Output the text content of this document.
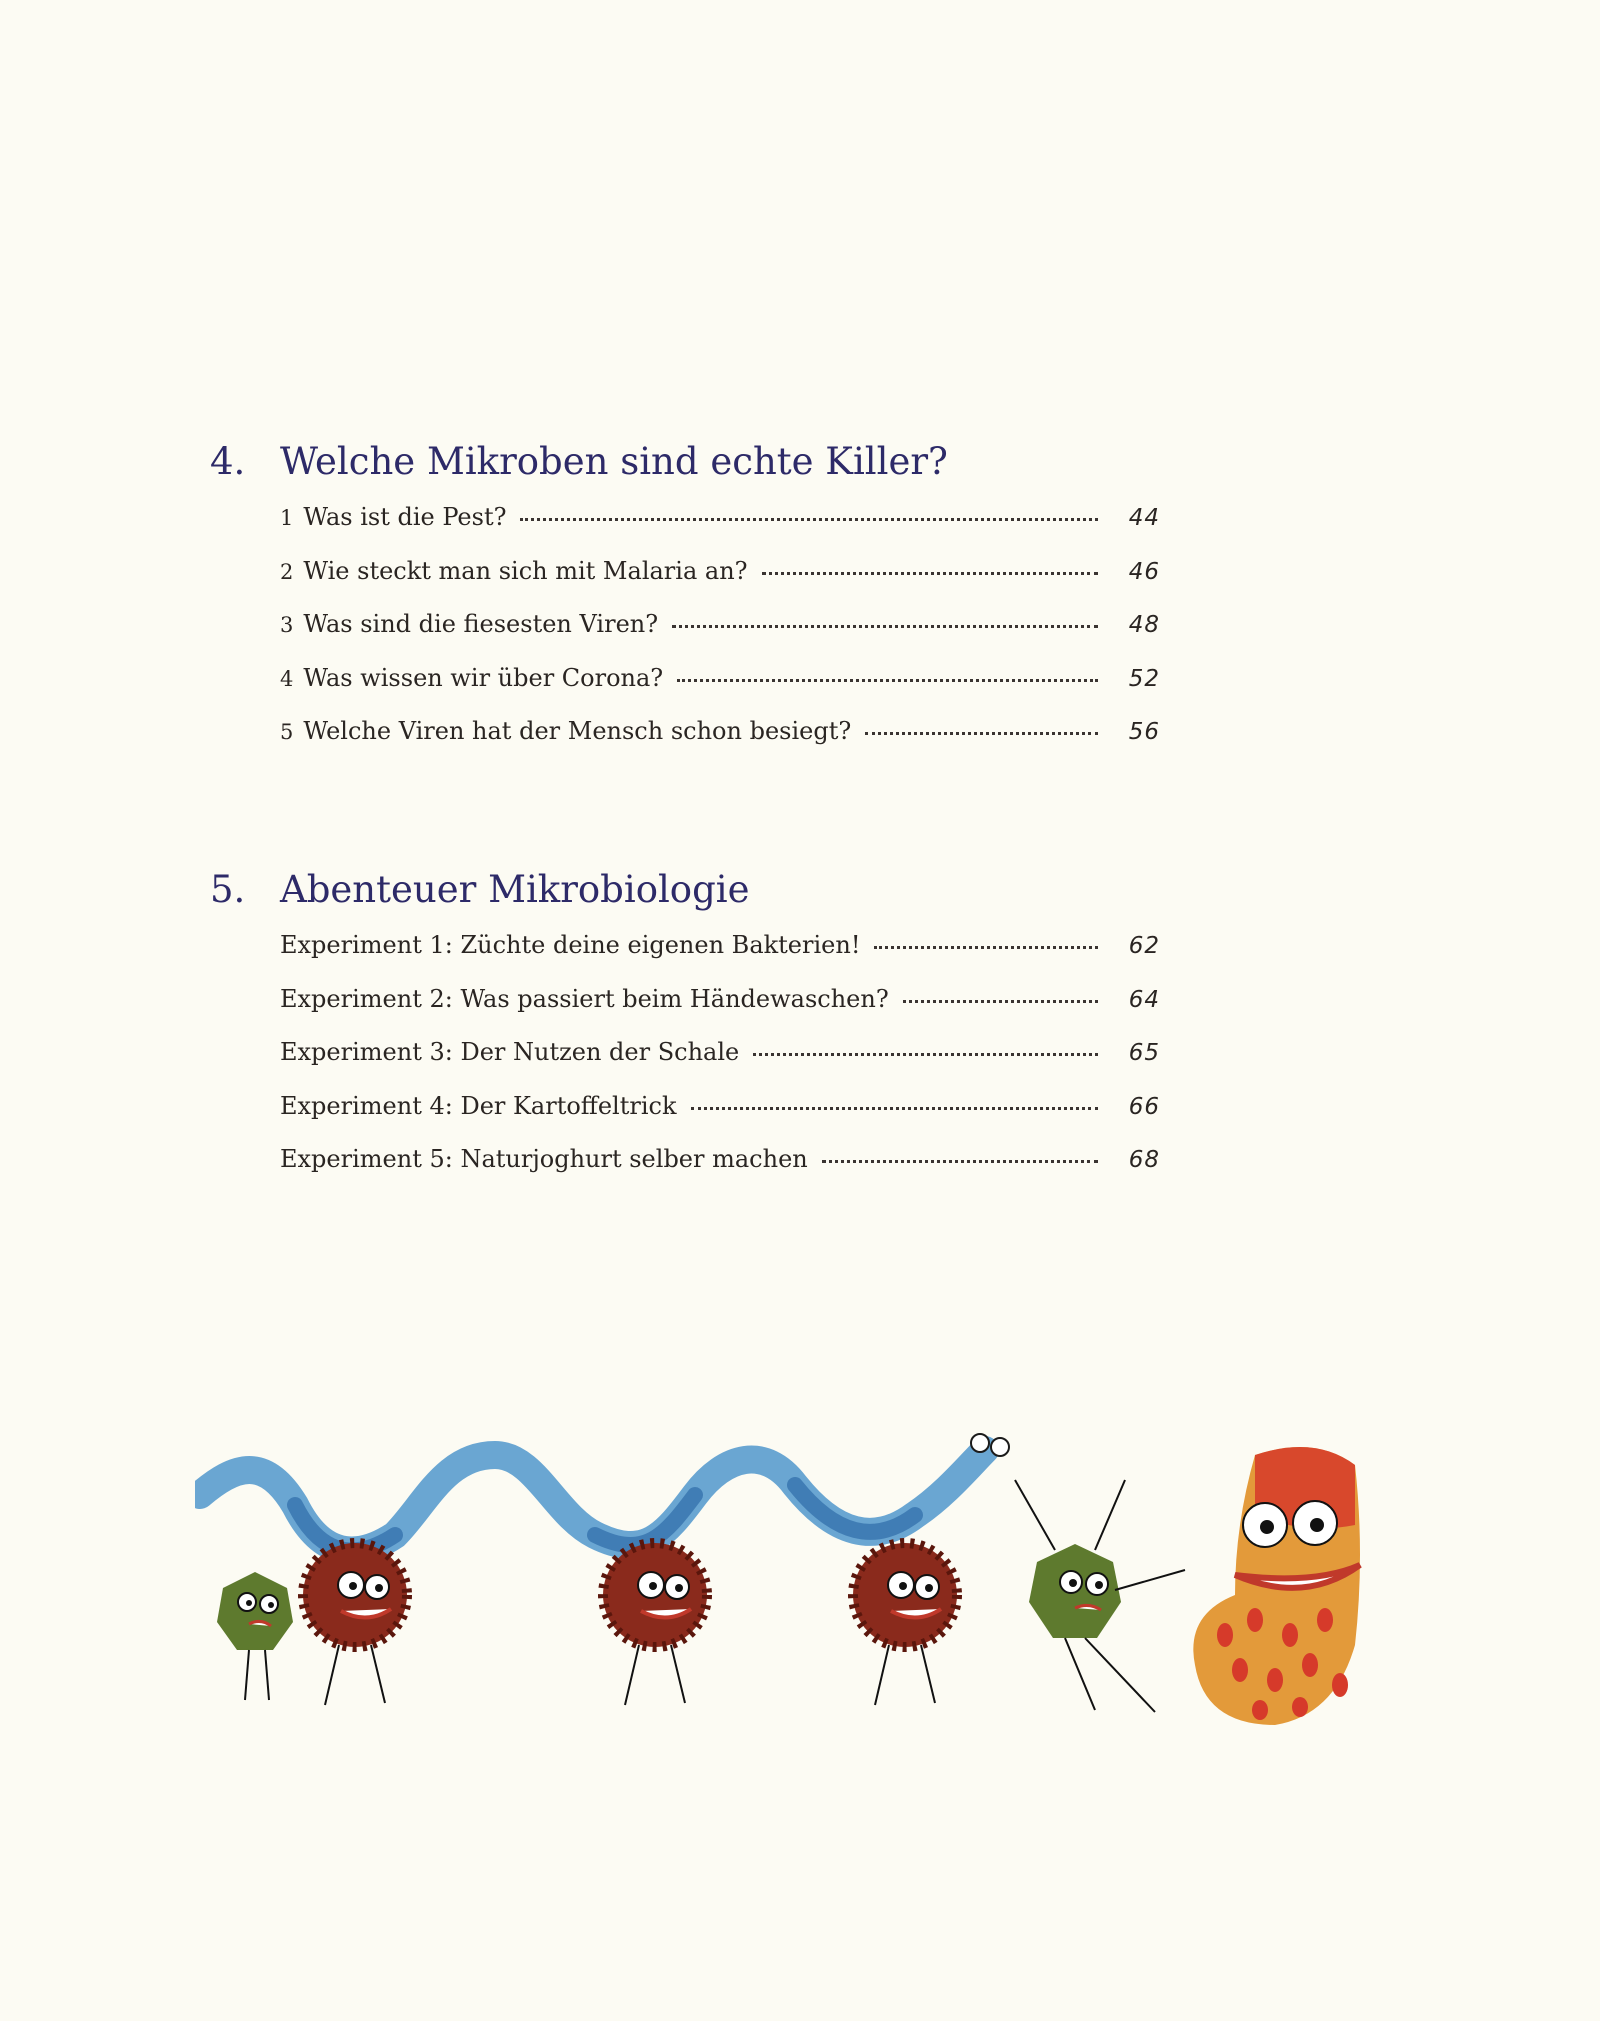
4. Welche Mikroben sind echte Killer?
1 Was ist die Pest?	44
2 Wie steckt man sich mit Malaria an?	46
3 Was sind die fiesesten Viren?	48
4 Was wissen wir über Corona?	52
5 Welche Viren hat der Mensch schon besiegt?	56
5. Abenteuer Mikrobiologie
Experiment 1: Züchte deine eigenen Bakterien!	62
Experiment 2: Was passiert beim Händewaschen?	64
Experiment 3: Der Nutzen der Schale	65
Experiment 4: Der Kartoffeltrick	66
Experiment 5: Naturjoghurt selber machen	68
